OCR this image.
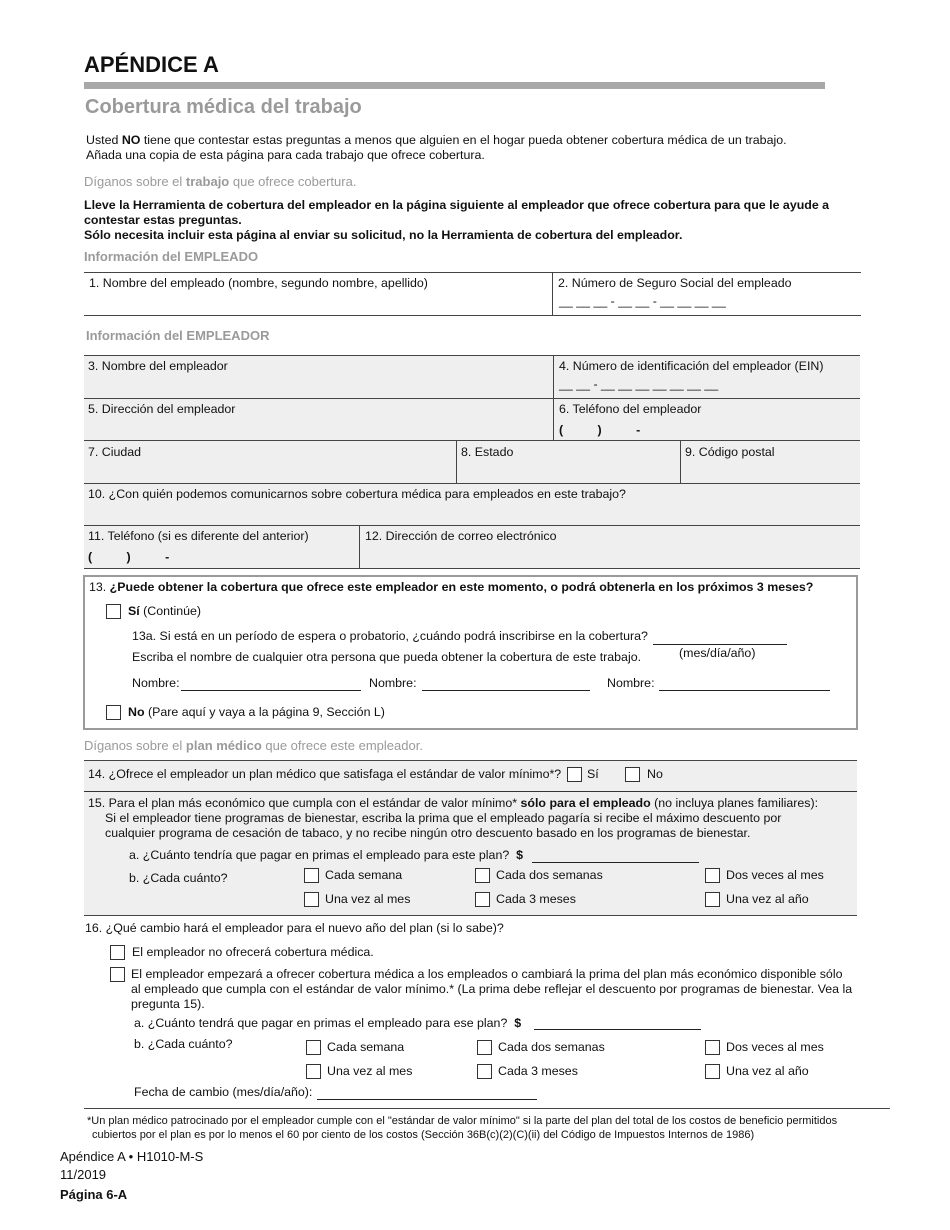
APÉNDICE A
Cobertura médica del trabajo
Usted NO tiene que contestar estas preguntas a menos que alguien en el hogar pueda obtener cobertura médica de un trabajo.
Añada una copia de esta página para cada trabajo que ofrece cobertura.
Díganos sobre el trabajo que ofrece cobertura.
Lleve la Herramienta de cobertura del empleador en la página siguiente al empleador que ofrece cobertura para que le ayude a
contestar estas preguntas.
Sólo necesita incluir esta página al enviar su solicitud, no la Herramienta de cobertura del empleador.
Información del EMPLEADO
1. Nombre del empleado (nombre, segundo nombre, apellido)	2. Número de Seguro Social del empleado
__ __ __ - __ __ - __ __ __ __
Información del EMPLEADOR
3. Nombre del empleador	4. Número de identificación del empleador (EIN)
__ __ - __ __ __ __ __ __ __
5. Dirección del empleador	6. Teléfono del empleador
(          )          -
7. Ciudad	8. Estado	9. Código postal
10. ¿Con quién podemos comunicarnos sobre cobertura médica para empleados en este trabajo?
11. Teléfono (si es diferente del anterior)
(          )          -
12. Dirección de correo electrónico
13. ¿Puede obtener la cobertura que ofrece este empleador en este momento, o podrá obtenerla en los próximos 3 meses?
Sí (Continúe)
13a. Si está en un período de espera o probatorio, ¿cuándo podrá inscribirse en la cobertura?
(mes/día/año)
Escriba el nombre de cualquier otra persona que pueda obtener la cobertura de este trabajo.
Nombre:	Nombre:	Nombre:
No (Pare aquí y vaya a la página 9, Sección L)
Díganos sobre el plan médico que ofrece este empleador.
14. ¿Ofrece el empleador un plan médico que satisfaga el estándar de valor mínimo*? Sí	No
15. Para el plan más económico que cumpla con el estándar de valor mínimo* sólo para el empleado (no incluya planes familiares):
Si el empleador tiene programas de bienestar, escriba la prima que el empleado pagaría si recibe el máximo descuento por
cualquier programa de cesación de tabaco, y no recibe ningún otro descuento basado en los programas de bienestar.
a. ¿Cuánto tendría que pagar en primas el empleado para este plan? $
b. ¿Cada cuánto?	Cada semana	Cada dos semanas	Dos veces al mes
Una vez al mes	Cada 3 meses	Una vez al año
16. ¿Qué cambio hará el empleador para el nuevo año del plan (si lo sabe)?
El empleador no ofrecerá cobertura médica.
El empleador empezará a ofrecer cobertura médica a los empleados o cambiará la prima del plan más económico disponible sólo
al empleado que cumpla con el estándar de valor mínimo.* (La prima debe reflejar el descuento por programas de bienestar. Vea la
pregunta 15).
a. ¿Cuánto tendrá que pagar en primas el empleado para ese plan? $
b. ¿Cada cuánto?	Cada semana	Cada dos semanas	Dos veces al mes
Una vez al mes	Cada 3 meses	Una vez al año
Fecha de cambio (mes/día/año):
*Un plan médico patrocinado por el empleador cumple con el "estándar de valor mínimo" si la parte del plan del total de los costos de beneficio permitidos
cubiertos por el plan es por lo menos el 60 por ciento de los costos (Sección 36B(c)(2)(C)(ii) del Código de Impuestos Internos de 1986)
Apéndice A • H1010-M-S
11/2019
Página 6-A
